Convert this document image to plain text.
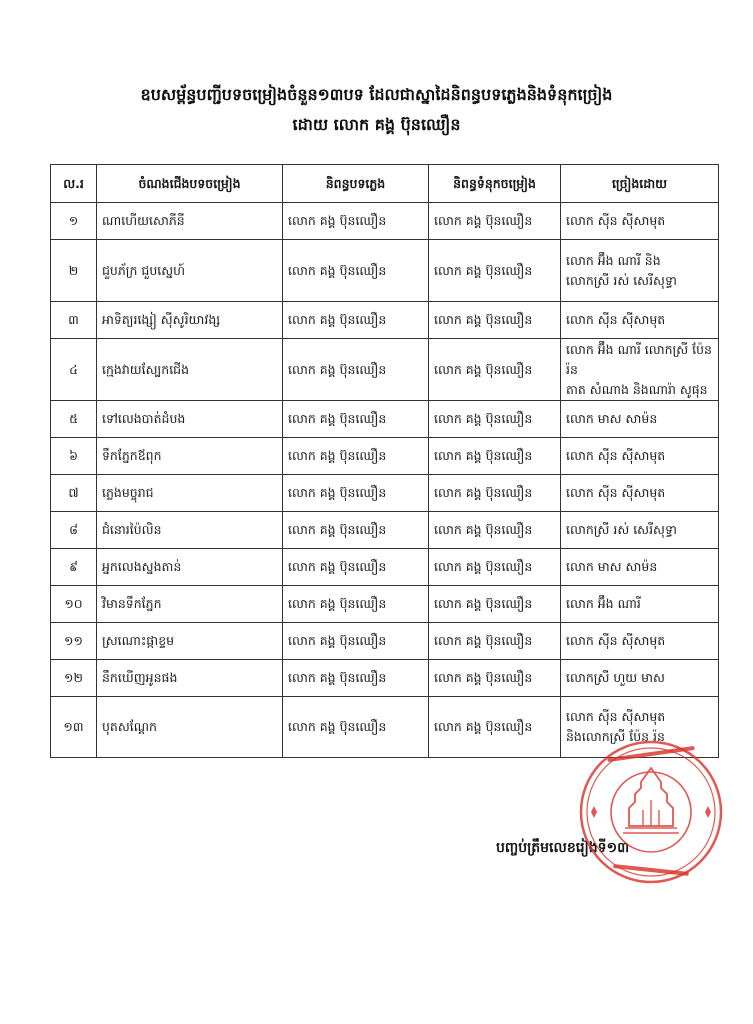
ឧបសម្ព័ន្ធបញ្ជីបទចម្រៀងចំនួន១៣បទ ដែលជាស្នាដៃនិពន្ធបទភ្លេងនិងទំនុកច្រៀង
ដោយ លោក គង្គ ប៊ុនឈឿន
ល.រ	ចំណងជើងបទចម្រៀង	និពន្ធបទភ្លេង	និពន្ធទំនុកចម្រៀង	ច្រៀងដោយ
១	ណាហើយសោភីនី	លោក គង្គ ប៊ុនឈឿន	លោក គង្គ ប៊ុនឈឿន	លោក ស៊ីន ស៊ីសាមុត

២	ជួបភ័ក្រ ជួបស្នេហ៍	លោក គង្គ ប៊ុនឈឿន	លោក គង្គ ប៊ុនឈឿន	លោក អ៊ឹង ណារី និង
លោកស្រី រស់ សេរីសុទ្ធា

៣	អាទិត្យរង្សៀ ស៊ីសូរិយាវង្ស	លោក គង្គ ប៊ុនឈឿន	លោក គង្គ ប៊ុនឈឿន	លោក ស៊ីន ស៊ីសាមុត

៤	ក្មេងវាយស្បែកជើង	លោក គង្គ ប៊ុនឈឿន	លោក គង្គ ប៊ុនឈឿន	លោក អ៊ឹង ណារី លោកស្រី ប៉ែន រ៉ន
តាត សំណាង និងណារ៉ា សូផុន

៥	ទៅលេងបាត់ដំបង	លោក គង្គ ប៊ុនឈឿន	លោក គង្គ ប៊ុនឈឿន	លោក មាស សាម៉ន

៦	ទឹកភ្នែកឪពុក	លោក គង្គ ប៊ុនឈឿន	លោក គង្គ ប៊ុនឈឿន	លោក ស៊ីន ស៊ីសាមុត

៧	ភ្លេងមច្ចុរាជ	លោក គង្គ ប៊ុនឈឿន	លោក គង្គ ប៊ុនឈឿន	លោក ស៊ីន ស៊ីសាមុត

៨	ជំនោរប៉ៃលិន	លោក គង្គ ប៊ុនឈឿន	លោក គង្គ ប៊ុនឈឿន	លោកស្រី រស់ សេរីសុទ្ធា

៩	អ្នកលេងស្នងតាន់	លោក គង្គ ប៊ុនឈឿន	លោក គង្គ ប៊ុនឈឿន	លោក មាស សាម៉ន

១០	វិមានទឹកភ្នែក	លោក គង្គ ប៊ុនឈឿន	លោក គង្គ ប៊ុនឈឿន	លោក អ៊ឹង ណារី

១១	ស្រណោះផ្កាខ្ទម	លោក គង្គ ប៊ុនឈឿន	លោក គង្គ ប៊ុនឈឿន	លោក ស៊ីន ស៊ីសាមុត

១២	នឹកឃើញអូនផង	លោក គង្គ ប៊ុនឈឿន	លោក គង្គ ប៊ុនឈឿន	លោកស្រី ហួយ មាស

១៣	បុតសណ្ដែក	លោក គង្គ ប៊ុនឈឿន	លោក គង្គ ប៊ុនឈឿន	លោក ស៊ីន ស៊ីសាមុត
និងលោកស្រី ប៉ែន រ៉ន
បញ្ចប់ត្រឹមលេខរៀងទី១៣
